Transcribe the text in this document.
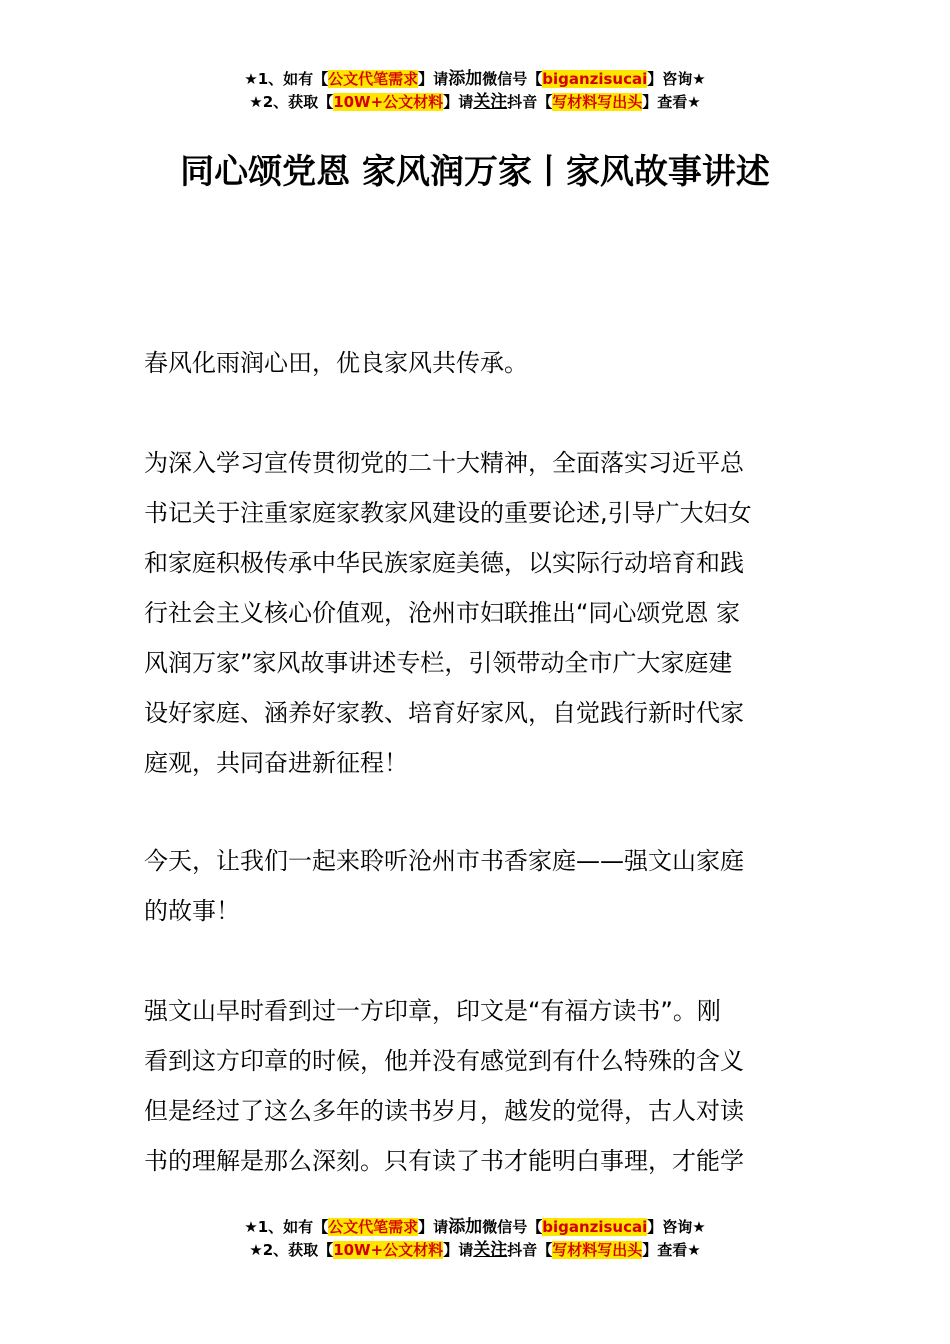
★1、如有【公文代笔需求】请添加微信号【biganzisucai】咨询★
★2、获取【10W+公文材料】请关注抖音【写材料写出头】查看★
同心颂党恩 家风润万家丨家风故事讲述

春风化雨润心田，优良家风共传承。

为深入学习宣传贯彻党的二十大精神，全面落实习近平总
书记关于注重家庭家教家风建设的重要论述,引导广大妇女
和家庭积极传承中华民族家庭美德，以实际行动培育和践
行社会主义核心价值观，沧州市妇联推出“同心颂党恩 家
风润万家”家风故事讲述专栏，引领带动全市广大家庭建
设好家庭、涵养好家教、培育好家风，自觉践行新时代家
庭观，共同奋进新征程！

今天，让我们一起来聆听沧州市书香家庭——强文山家庭
的故事！

强文山早时看到过一方印章，印文是“有福方读书”。刚
看到这方印章的时候，他并没有感觉到有什么特殊的含义
但是经过了这么多年的读书岁月，越发的觉得，古人对读
书的理解是那么深刻。只有读了书才能明白事理，才能学

★1、如有【公文代笔需求】请添加微信号【biganzisucai】咨询★
★2、获取【10W+公文材料】请关注抖音【写材料写出头】查看★
